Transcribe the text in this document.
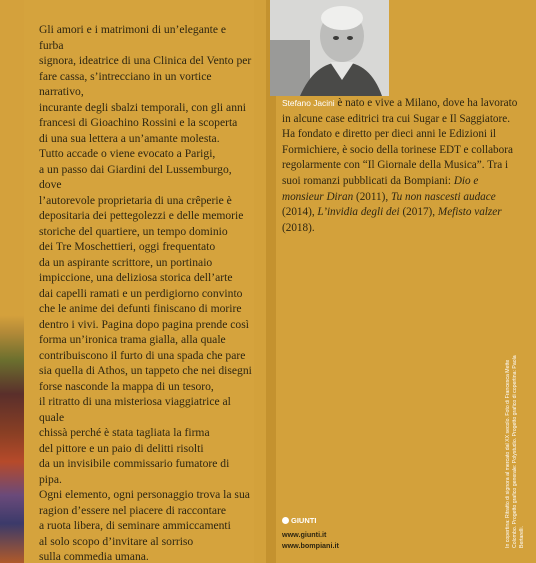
Gli amori e i matrimoni di un’elegante e furba
signora, ideatrice di una Clinica del Vento per
fare cassa, s’intrecciano in un vortice narrativo,
incurante degli sbalzi temporali, con gli anni
francesi di Gioachino Rossini e la scoperta
di una sua lettera a un’amante molesta.
Tutto accade o viene evocato a Parigi,
a un passo dai Giardini del Lussemburgo, dove
l’autorevole proprietaria di una crêperie è
depositaria dei pettegolezzi e delle memorie
storiche del quartiere, un tempo dominio
dei Tre Moschettieri, oggi frequentato
da un aspirante scrittore, un portinaio
impiccione, una deliziosa storica dell’arte
dai capelli ramati e un perdigiorno convinto
che le anime dei defunti finiscano di morire
dentro i vivi. Pagina dopo pagina prende così
forma un’ironica trama gialla, alla quale
contribuiscono il furto di una spada che pare
sia quella di Athos, un tappeto che nei disegni
forse nasconde la mappa di un tesoro,
il ritratto di una misteriosa viaggiatrice al quale
chissà perché è stata tagliata la firma
del pittore e un paio di delitti risolti
da un invisibile commissario fumatore di pipa.
Ogni elemento, ogni personaggio trova la sua
ragion d’essere nel piacere di raccontare
a ruota libera, di seminare ammiccamenti
al solo scopo d’invitare al sorriso
sulla commedia umana.

Stefano Jacini è nato e vive a Milano, dove ha lavorato in alcune case editrici tra cui Sugar e Il Saggiatore. Ha fondato e diretto per dieci anni le Edizioni il Formichiere, è socio della torinese EDT e collabora regolarmente con “Il Giornale della Musica”. Tra i suoi romanzi pubblicati da Bompiani: Dio e monsieur Diran (2011), Tu non nascesti audace (2014), L’invidia degli dei (2017), Mefisto valzer (2018).
GIUNTI
www.giunti.it
www.bompiani.it	In copertina: Ritratto di signora al mercato dal XX secolo. Foto di Francesca Mette Colombo. Progetto grafico generale: Polystudio. Progetto grafico di copertina: Paola Bertarelli.
